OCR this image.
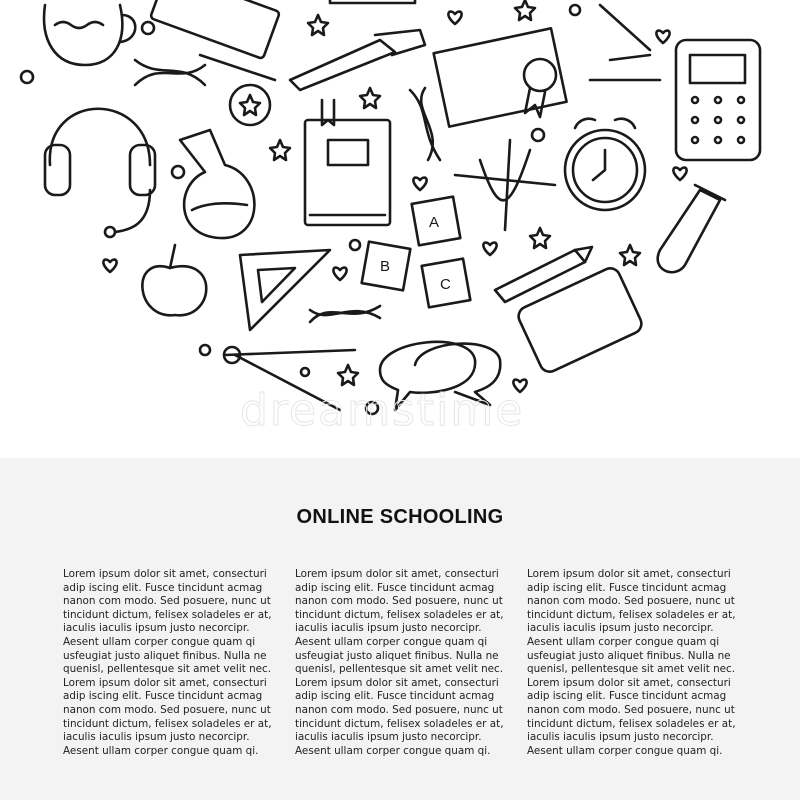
A
B
C
dreamstime
ONLINE SCHOOLING
Lorem ipsum dolor sit amet, consecturi adip iscing elit. Fusce tincidunt acmag nanon com modo. Sed posuere, nunc ut tincidunt dictum, felisex soladeles er at, iaculis iaculis ipsum justo necorcipr. Aesent ullam corper congue quam qi usfeugiat justo aliquet finibus. Nulla ne quenisl, pellentesque sit amet velit nec. Lorem ipsum dolor sit amet, consecturi adip iscing elit. Fusce tincidunt acmag nanon com modo. Sed posuere, nunc ut tincidunt dictum, felisex soladeles er at, iaculis iaculis ipsum justo necorcipr. Aesent ullam corper congue quam qi.
Lorem ipsum dolor sit amet, consecturi adip iscing elit. Fusce tincidunt acmag nanon com modo. Sed posuere, nunc ut tincidunt dictum, felisex soladeles er at, iaculis iaculis ipsum justo necorcipr. Aesent ullam corper congue quam qi usfeugiat justo aliquet finibus. Nulla ne quenisl, pellentesque sit amet velit nec. Lorem ipsum dolor sit amet, consecturi adip iscing elit. Fusce tincidunt acmag nanon com modo. Sed posuere, nunc ut tincidunt dictum, felisex soladeles er at, iaculis iaculis ipsum justo necorcipr. Aesent ullam corper congue quam qi.
Lorem ipsum dolor sit amet, consecturi adip iscing elit. Fusce tincidunt acmag nanon com modo. Sed posuere, nunc ut tincidunt dictum, felisex soladeles er at, iaculis iaculis ipsum justo necorcipr. Aesent ullam corper congue quam qi usfeugiat justo aliquet finibus. Nulla ne quenisl, pellentesque sit amet velit nec. Lorem ipsum dolor sit amet, consecturi adip iscing elit. Fusce tincidunt acmag nanon com modo. Sed posuere, nunc ut tincidunt dictum, felisex soladeles er at, iaculis iaculis ipsum justo necorcipr. Aesent ullam corper congue quam qi.
